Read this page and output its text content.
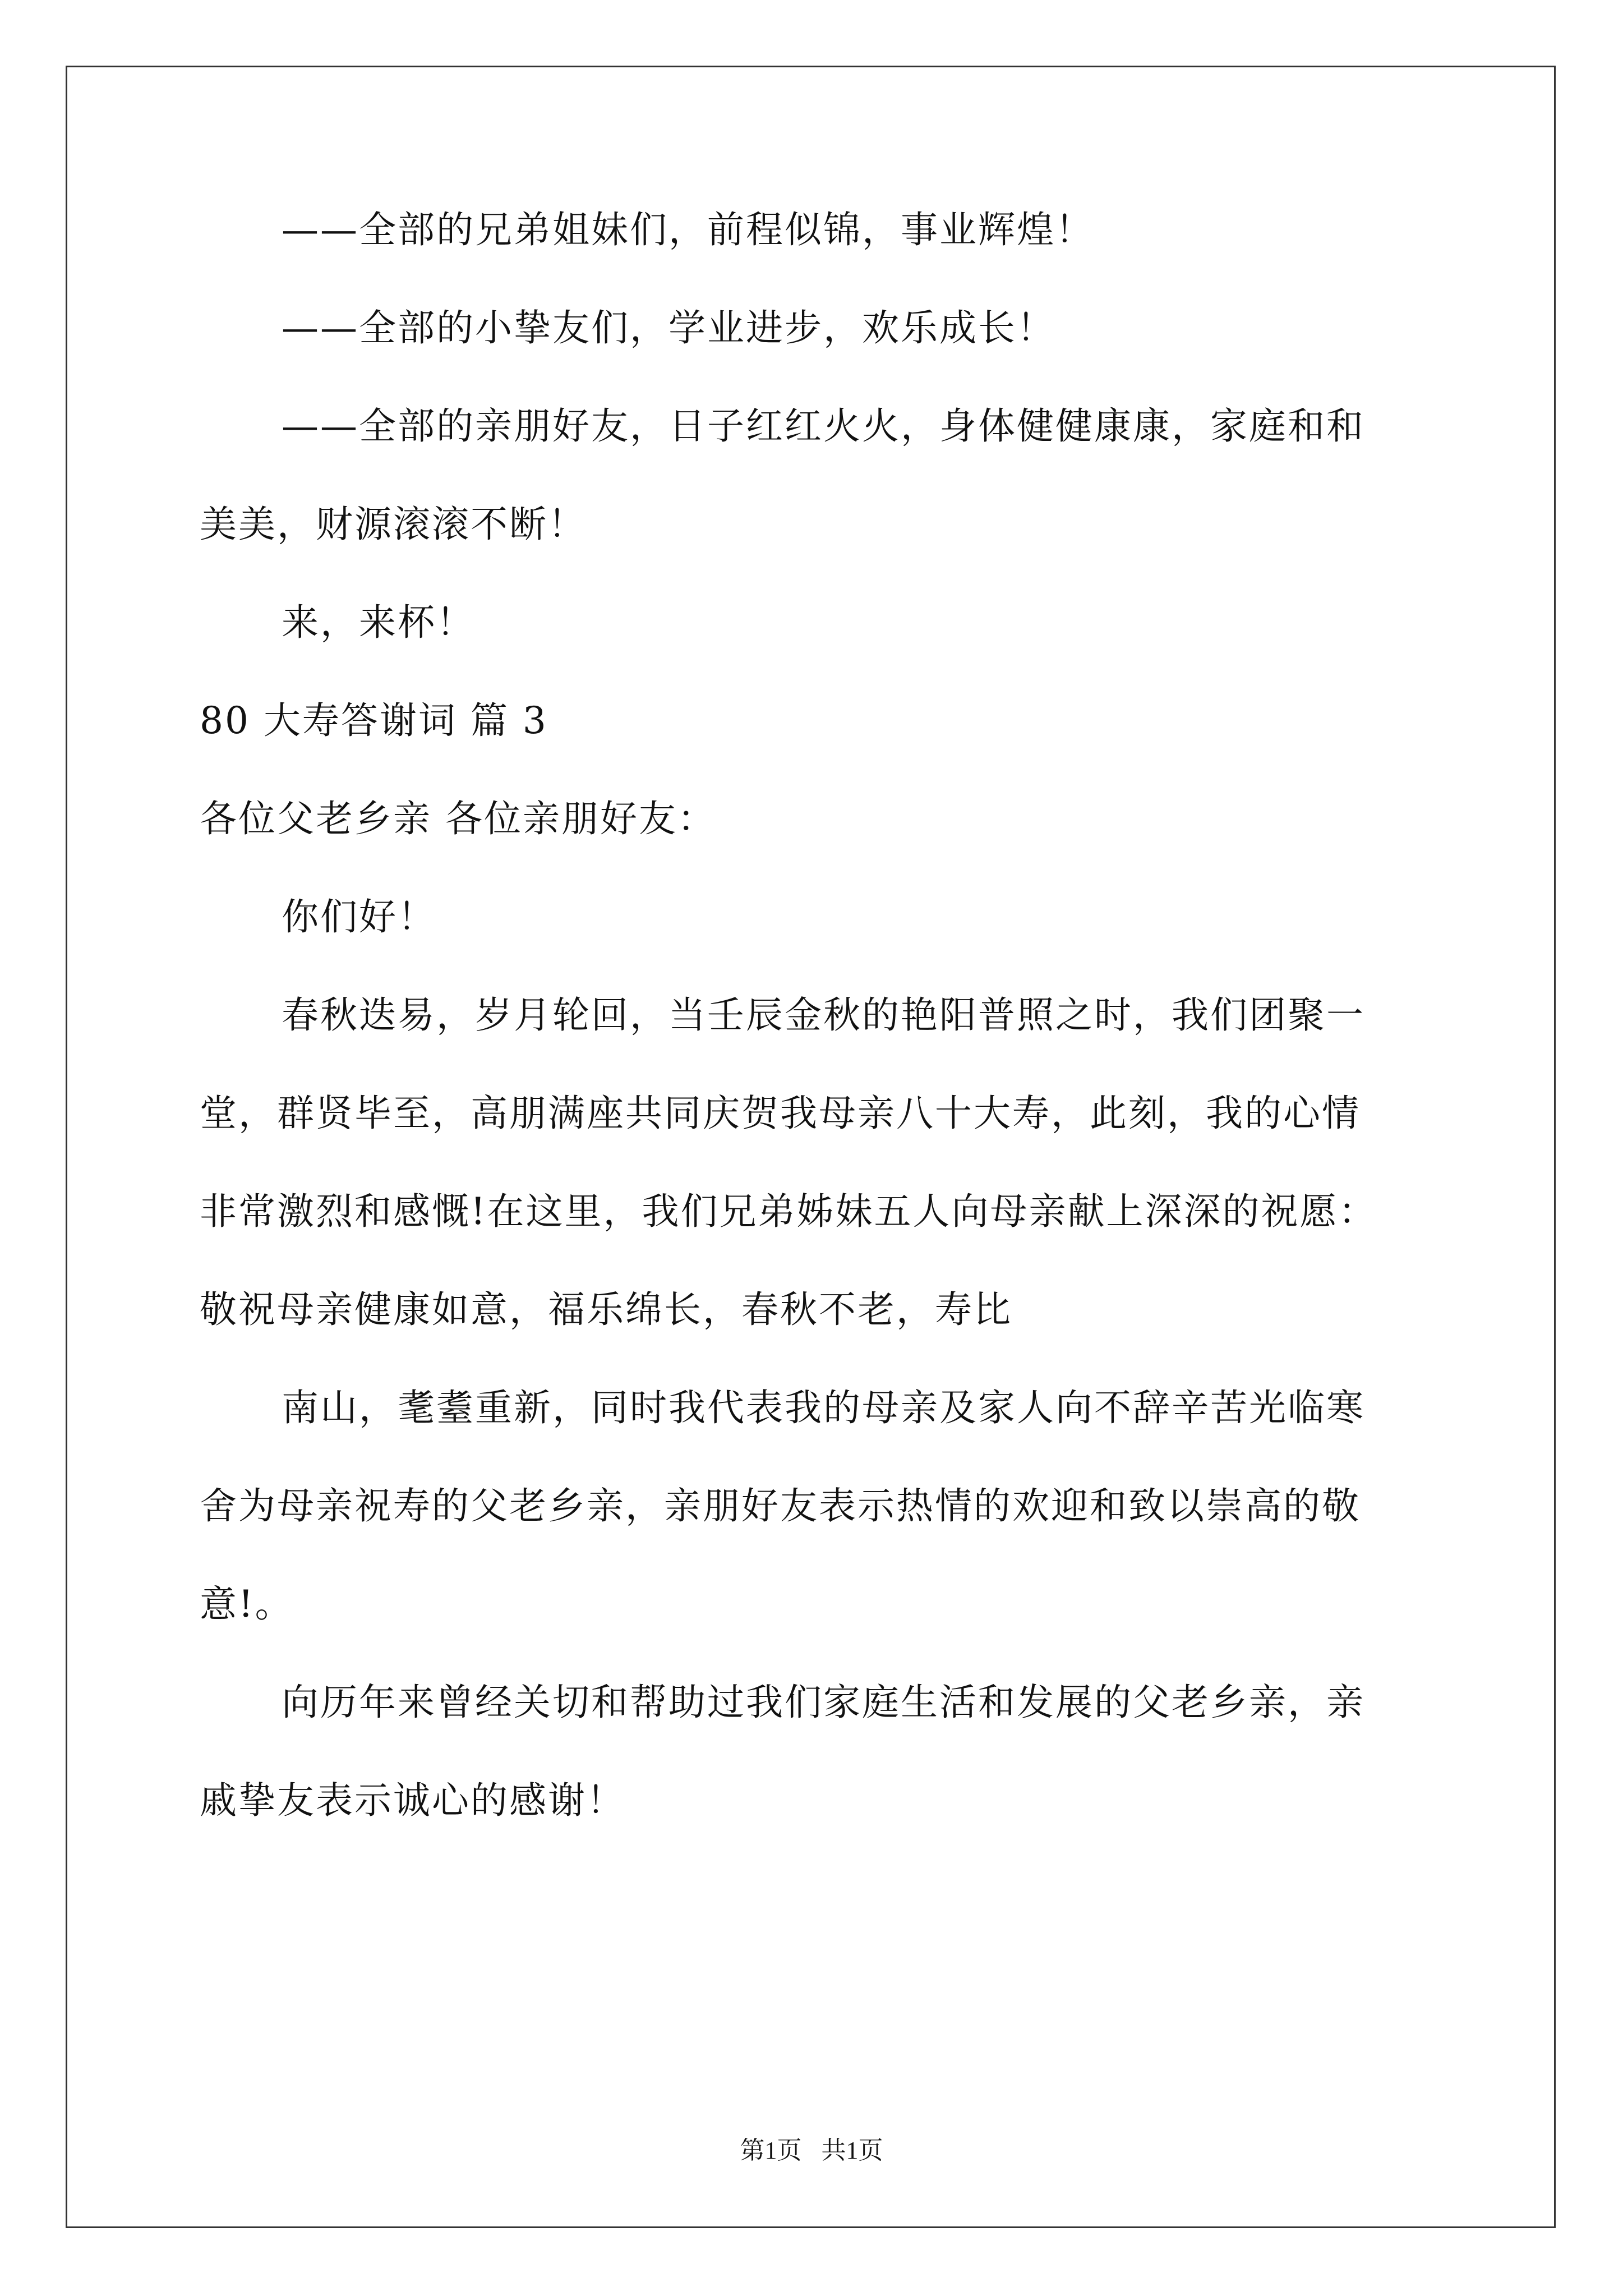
——全部的兄弟姐妹们，前程似锦，事业辉煌！
——全部的小挚友们，学业进步，欢乐成长！
——全部的亲朋好友，日子红红火火，身体健健康康，家庭和和
美美，财源滚滚不断！
来，来杯！
80 大寿答谢词 篇 3
各位父老乡亲 各位亲朋好友：
你们好！
春秋迭易，岁月轮回，当壬辰金秋的艳阳普照之时，我们团聚一
堂，群贤毕至，高朋满座共同庆贺我母亲八十大寿，此刻，我的心情
非常激烈和感慨!在这里，我们兄弟姊妹五人向母亲献上深深的祝愿：
敬祝母亲健康如意，福乐绵长，春秋不老，寿比
南山，耄耋重新，同时我代表我的母亲及家人向不辞辛苦光临寒
舍为母亲祝寿的父老乡亲，亲朋好友表示热情的欢迎和致以崇高的敬
意!。
向历年来曾经关切和帮助过我们家庭生活和发展的父老乡亲，亲
戚挚友表示诚心的感谢！
第1页 共1页
